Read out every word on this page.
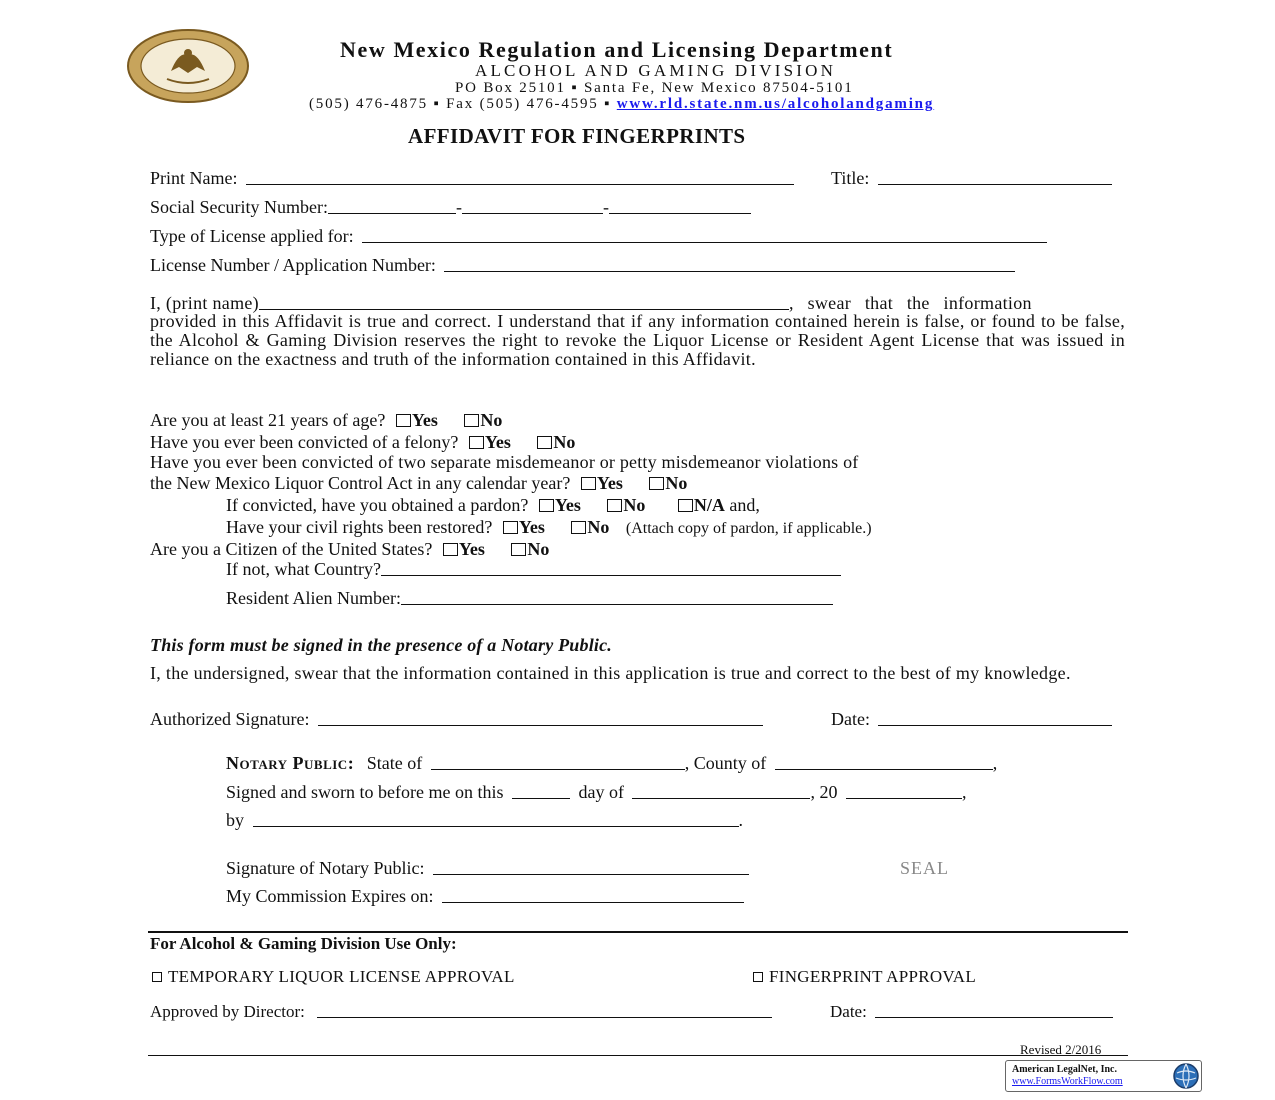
New Mexico Regulation and Licensing Department
ALCOHOL AND GAMING DIVISION
PO Box 25101 ▪ Santa Fe, New Mexico 87504-5101
(505) 476-4875 ▪ Fax (505) 476-4595 ▪ www.rld.state.nm.us/alcoholandgaming
AFFIDAVIT FOR FINGERPRINTS
Print Name:	Title:
Social Security Number:	-	-
Type of License applied for:
License Number / Application Number:
I, (print name)	, swear that the information
provided in this Affidavit is true and correct. I understand that if any information contained herein is false, or found to be false, the Alcohol & Gaming Division reserves the right to revoke the Liquor License or Resident Agent License that was issued in reliance on the exactness and truth of the information contained in this Affidavit.
Are you at least 21 years of age? Yes No
Have you ever been convicted of a felony? Yes No
Have you ever been convicted of two separate misdemeanor or petty misdemeanor violations of
the New Mexico Liquor Control Act in any calendar year? Yes No
If convicted, have you obtained a pardon? Yes No	N/A and,
Have your civil rights been restored? Yes No (Attach copy of pardon, if applicable.)
Are you a Citizen of the United States? Yes No
If not, what Country?
Resident Alien Number:
This form must be signed in the presence of a Notary Public.
I, the undersigned, swear that the information contained in this application is true and correct to the best of my knowledge.
Authorized Signature:	Date:
Notary Public: State of	, County of	,
Signed and sworn to before me on this	day of	, 20	,
by	.
Signature of Notary Public:	SEAL
My Commission Expires on:
For Alcohol & Gaming Division Use Only:
TEMPORARY LIQUOR LICENSE APPROVAL	FINGERPRINT APPROVAL
Approved by Director:	Date:
Revised 2/2016
American LegalNet, Inc.
www.FormsWorkFlow.com
